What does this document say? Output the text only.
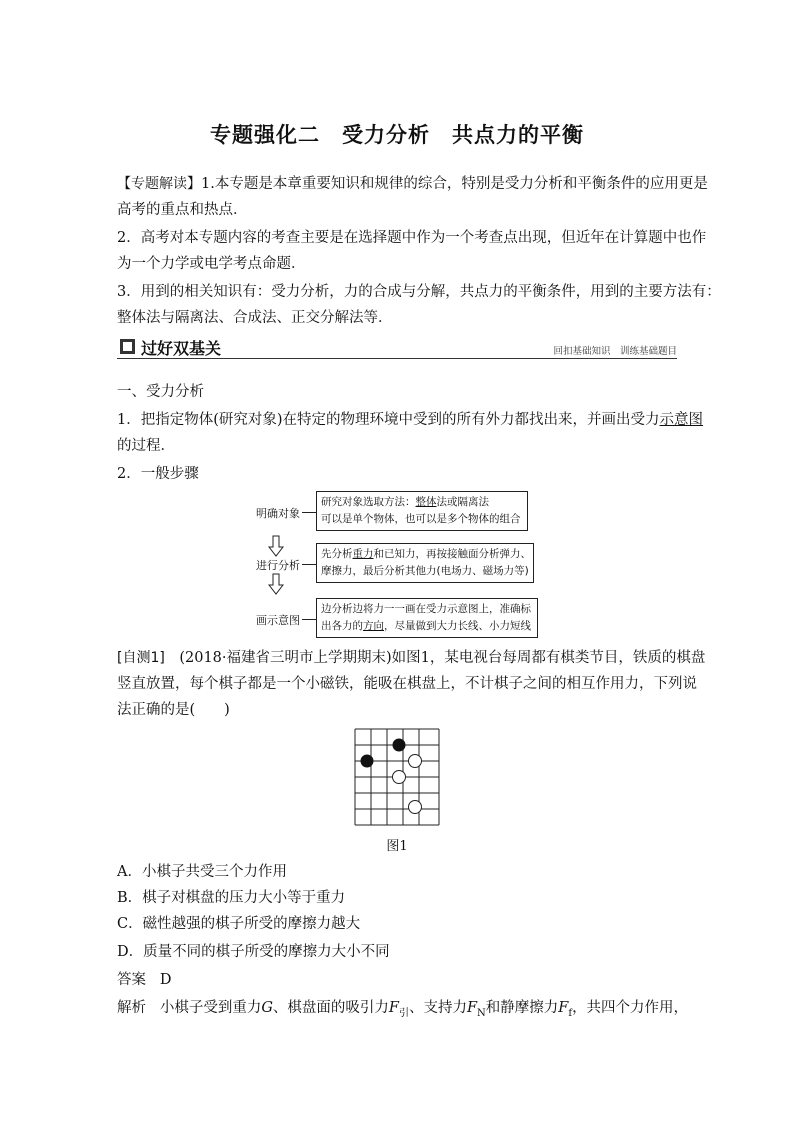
专题强化二　受力分析　共点力的平衡
【专题解读】1.本专题是本章重要知识和规律的综合，特别是受力分析和平衡条件的应用更是
高考的重点和热点．
2．高考对本专题内容的考查主要是在选择题中作为一个考查点出现，但近年在计算题中也作
为一个力学或电学考点命题．
3．用到的相关知识有：受力分析，力的合成与分解，共点力的平衡条件，用到的主要方法有：
整体法与隔离法、合成法、正交分解法等．
过好双基关	回扣基础知识　训练基础题目
一、受力分析
1．把指定物体(研究对象)在特定的物理环境中受到的所有外力都找出来，并画出受力示意图
的过程．
2．一般步骤
明确对象
研究对象选取方法：整体法或隔离法
可以是单个物体，也可以是多个物体的组合
进行分析
先分析重力和已知力，再按接触面分析弹力、
摩擦力，最后分析其他力(电场力、磁场力等)
画示意图
边分析边将力一一画在受力示意图上，准确标
出各力的方向，尽量做到大力长线、小力短线
[自测1]　(2018·福建省三明市上学期期末)如图1，某电视台每周都有棋类节目，铁质的棋盘
竖直放置，每个棋子都是一个小磁铁，能吸在棋盘上，不计棋子之间的相互作用力，下列说
法正确的是(　　)
图1
A．小棋子共受三个力作用
B．棋子对棋盘的压力大小等于重力
C．磁性越强的棋子所受的摩擦力越大
D．质量不同的棋子所受的摩擦力大小不同
答案 D
解析 小棋子受到重力G、棋盘面的吸引力$F_引$、支持力$F_N$和静摩擦力$F_f$，共四个力作用，
